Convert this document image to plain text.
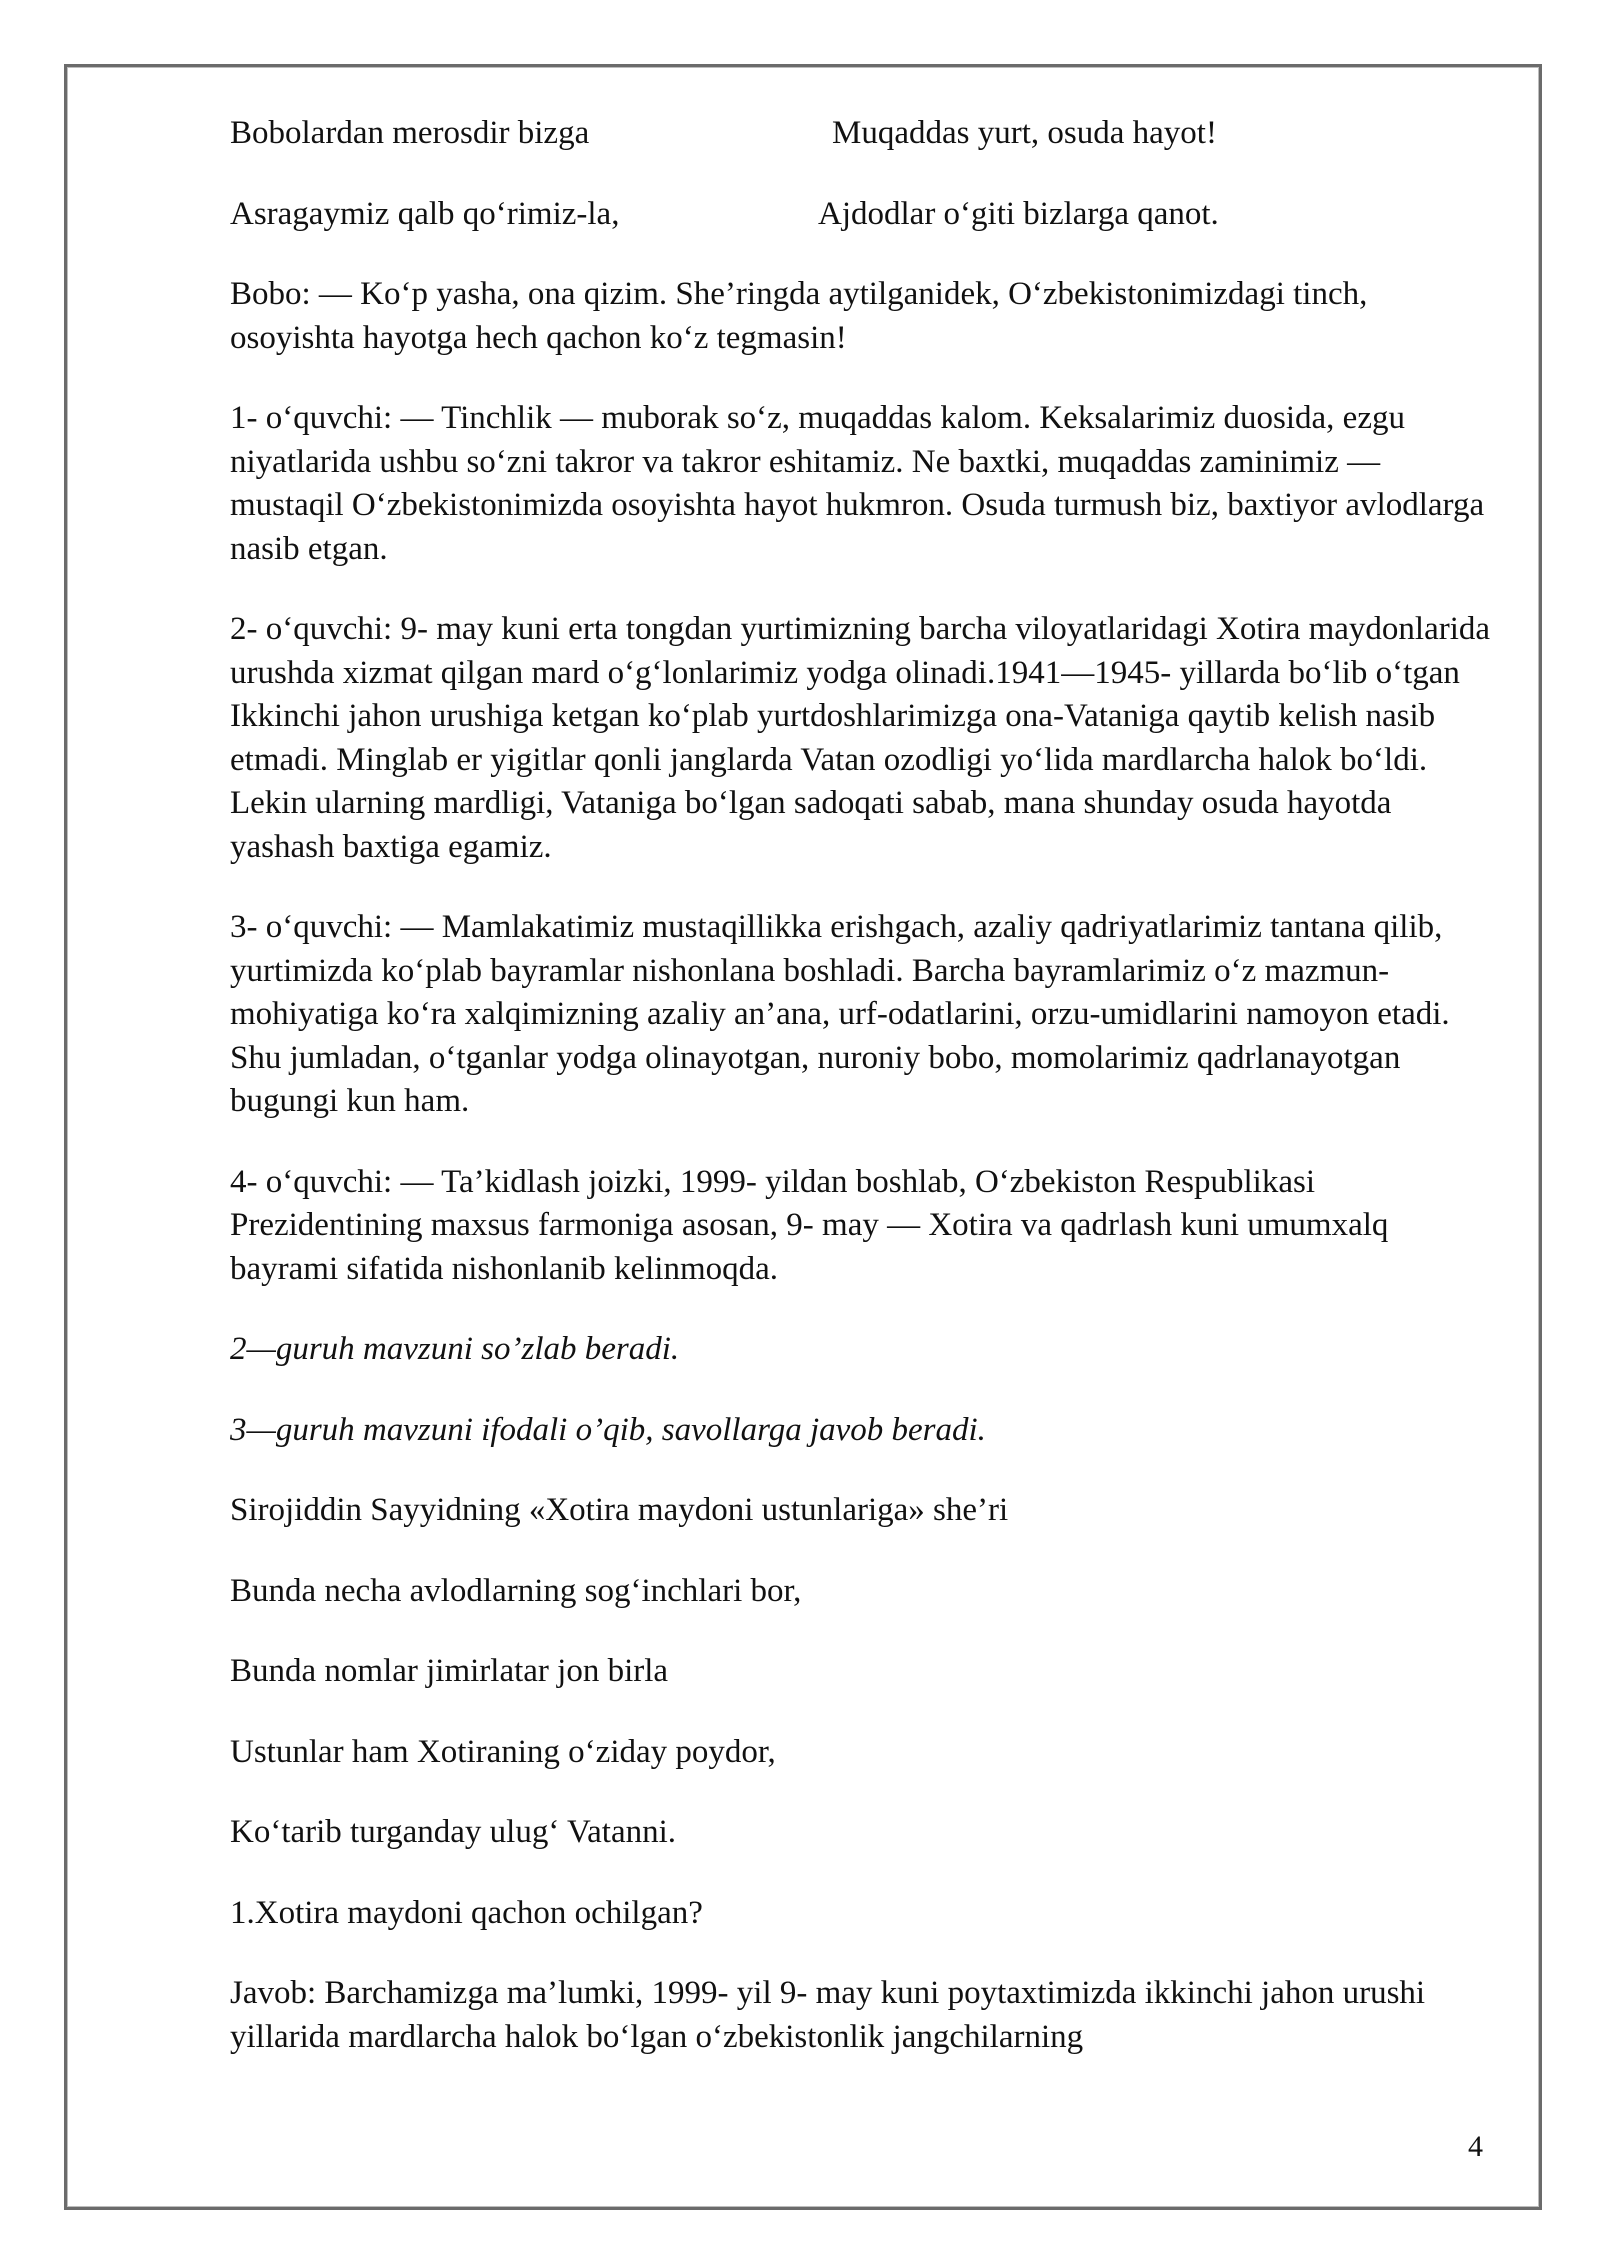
Bobolardan merosdir bizga	Muqaddas yurt, osuda hayot!
Asragaymiz qalb qo‘rimiz-la,	Ajdodlar o‘giti bizlarga qanot.

Bobo: — Ko‘p yasha, ona qizim. She’ringda aytilganidek, O‘zbekistonimizdagi tinch, osoyishta hayotga hech qachon ko‘z tegmasin!

1- o‘quvchi: — Tinchlik — muborak so‘z, muqaddas kalom. Keksalarimiz duosida, ezgu niyatlarida ushbu so‘zni takror va takror eshitamiz. Ne baxtki, muqaddas zaminimiz — mustaqil O‘zbekistonimizda osoyishta hayot hukmron. Osuda turmush biz, baxtiyor avlodlarga nasib etgan.

2- o‘quvchi: 9- may kuni erta tongdan yurtimizning barcha viloyatlaridagi Xotira maydonlarida urushda xizmat qilgan mard o‘g‘lonlarimiz yodga olinadi.1941—1945- yillarda bo‘lib o‘tgan Ikkinchi jahon urushiga ketgan ko‘plab yurtdoshlarimizga ona-Vataniga qaytib kelish nasib etmadi. Minglab er yigitlar qonli janglarda Vatan ozodligi yo‘lida mardlarcha halok bo‘ldi. Lekin ularning mardligi, Vataniga bo‘lgan sadoqati sabab, mana shunday osuda hayotda yashash baxtiga egamiz.

3- o‘quvchi: — Mamlakatimiz mustaqillikka erishgach, azaliy qadriyatlarimiz tantana qilib, yurtimizda ko‘plab bayramlar nishonlana boshladi. Barcha bayramlarimiz o‘z mazmun-mohiyatiga ko‘ra xalqimizning azaliy an’ana, urf-odatlarini, orzu-umidlarini namoyon etadi. Shu jumladan, o‘tganlar yodga olinayotgan, nuroniy bobo, momolarimiz qadrlanayotgan bugungi kun ham.

4- o‘quvchi: — Ta’kidlash joizki, 1999- yildan boshlab, O‘zbekiston Respublikasi Prezidentining maxsus farmoniga asosan, 9- may — Xotira va qadrlash kuni umumxalq bayrami sifatida nishonlanib kelinmoqda.

2—guruh mavzuni so’zlab beradi.

3—guruh mavzuni ifodali o’qib, savollarga javob beradi.

Sirojiddin Sayyidning «Xotira maydoni ustunlariga» she’ri

Bunda necha avlodlarning sog‘inchlari bor,

Bunda nomlar jimirlatar jon birla

Ustunlar ham Xotiraning o‘ziday poydor,

Ko‘tarib turganday ulug‘ Vatanni.

1.Xotira maydoni qachon ochilgan?

Javob: Barchamizga ma’lumki, 1999- yil 9- may kuni poytaxtimizda ikkinchi jahon urushi yillarida mardlarcha halok bo‘lgan o‘zbekistonlik jangchilarning

4
